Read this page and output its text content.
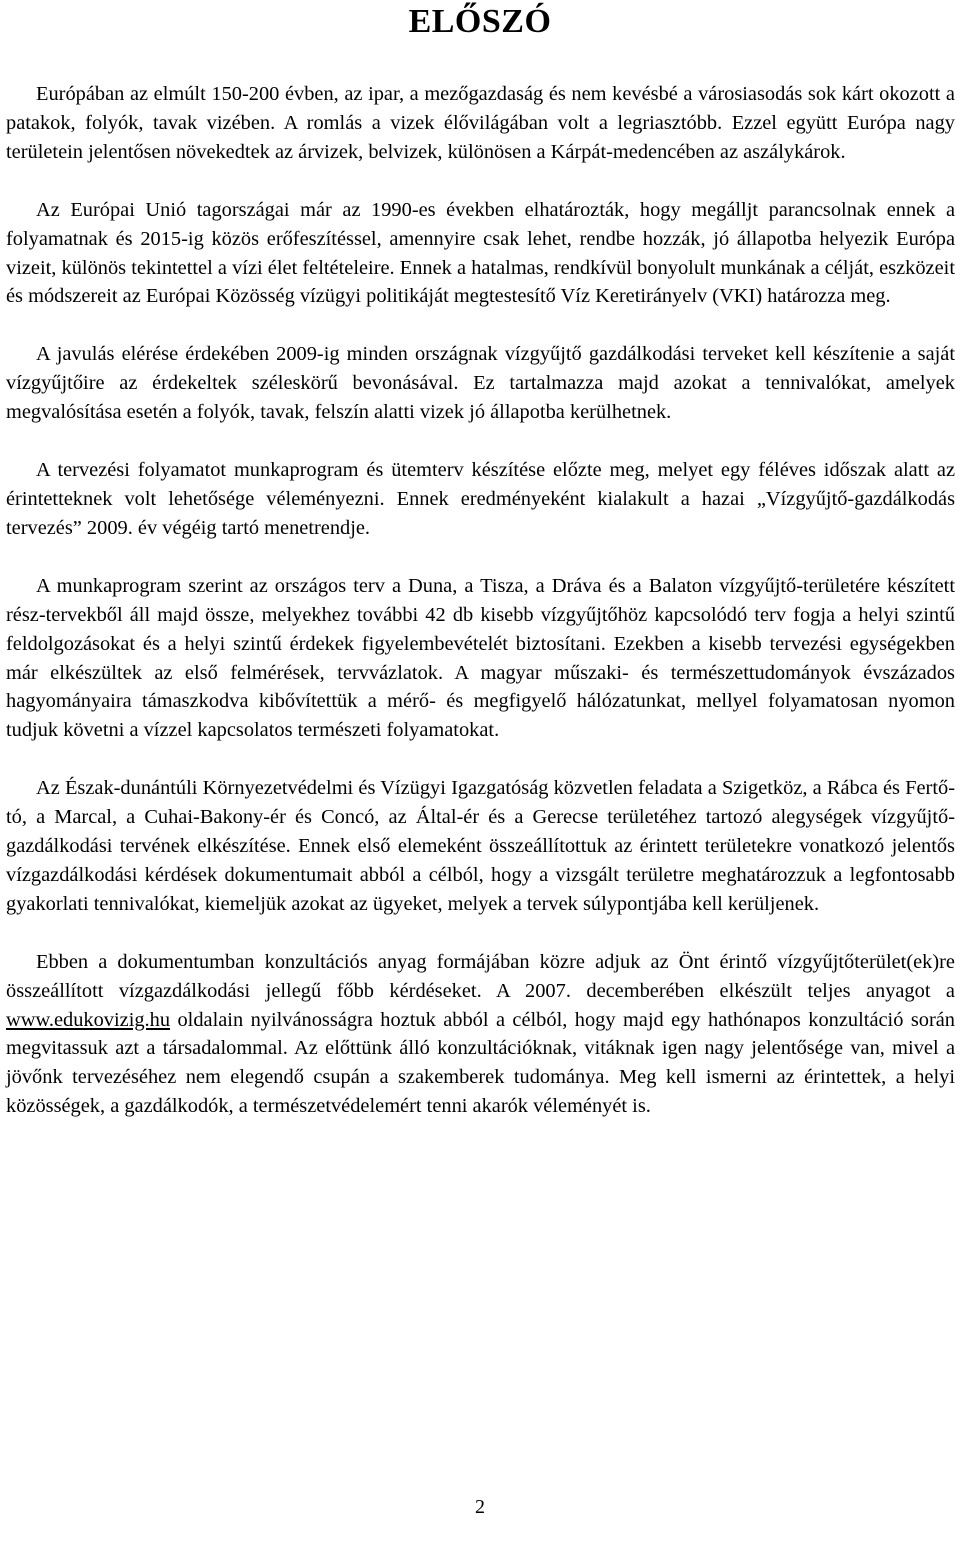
ELŐSZÓ

Európában az elmúlt 150-200 évben, az ipar, a mezőgazdaság és nem kevésbé a városiasodás sok kárt okozott a patakok, folyók, tavak vizében. A romlás a vizek élővilágában volt a legriasztóbb. Ezzel együtt Európa nagy területein jelentősen növekedtek az árvizek, belvizek, különösen a Kárpát-medencében az aszálykárok.

Az Európai Unió tagországai már az 1990-es években elhatározták, hogy megálljt parancsolnak ennek a folyamatnak és 2015-ig közös erőfeszítéssel, amennyire csak lehet, rendbe hozzák, jó állapotba helyezik Európa vizeit, különös tekintettel a vízi élet feltételeire. Ennek a hatalmas, rendkívül bonyolult munkának a célját, eszközeit és módszereit az Európai Közösség vízügyi politikáját megtestesítő Víz Keretirányelv (VKI) határozza meg.

A javulás elérése érdekében 2009-ig minden országnak vízgyűjtő gazdálkodási terveket kell készítenie a saját vízgyűjtőire az érdekeltek széleskörű bevonásával. Ez tartalmazza majd azokat a tennivalókat, amelyek megvalósítása esetén a folyók, tavak, felszín alatti vizek jó állapotba kerülhetnek.

A tervezési folyamatot munkaprogram és ütemterv készítése előzte meg, melyet egy féléves időszak alatt az érintetteknek volt lehetősége véleményezni. Ennek eredményeként kialakult a hazai „Vízgyűjtő-gazdálkodás tervezés” 2009. év végéig tartó menetrendje.

A munkaprogram szerint az országos terv a Duna, a Tisza, a Dráva és a Balaton vízgyűjtő-területére készített rész-tervekből áll majd össze, melyekhez további 42 db kisebb vízgyűjtőhöz kapcsolódó terv fogja a helyi szintű feldolgozásokat és a helyi szintű érdekek figyelembevételét biztosítani. Ezekben a kisebb tervezési egységekben már elkészültek az első felmérések, tervvázlatok. A magyar műszaki- és természettudományok évszázados hagyományaira támaszkodva kibővítettük a mérő- és megfigyelő hálózatunkat, mellyel folyamatosan nyomon tudjuk követni a vízzel kapcsolatos természeti folyamatokat.

Az Észak-dunántúli Környezetvédelmi és Vízügyi Igazgatóság közvetlen feladata a Szigetköz, a Rábca és Fertő-tó, a Marcal, a Cuhai-Bakony-ér és Concó, az Által-ér és a Gerecse területéhez tartozó alegységek vízgyűjtő-gazdálkodási tervének elkészítése. Ennek első elemeként összeállítottuk az érintett területekre vonatkozó jelentős vízgazdálkodási kérdések dokumentumait abból a célból, hogy a vizsgált területre meghatározzuk a legfontosabb gyakorlati tennivalókat, kiemeljük azokat az ügyeket, melyek a tervek súlypontjába kell kerüljenek.

Ebben a dokumentumban konzultációs anyag formájában közre adjuk az Önt érintő vízgyűjtőterület(ek)re összeállított vízgazdálkodási jellegű főbb kérdéseket. A 2007. decemberében elkészült teljes anyagot a www.edukovizig.hu oldalain nyilvánosságra hoztuk abból a célból, hogy majd egy hathónapos konzultáció során megvitassuk azt a társadalommal. Az előttünk álló konzultációknak, vitáknak igen nagy jelentősége van, mivel a jövőnk tervezéséhez nem elegendő csupán a szakemberek tudománya. Meg kell ismerni az érintettek, a helyi közösségek, a gazdálkodók, a természetvédelemért tenni akarók véleményét is.

2
